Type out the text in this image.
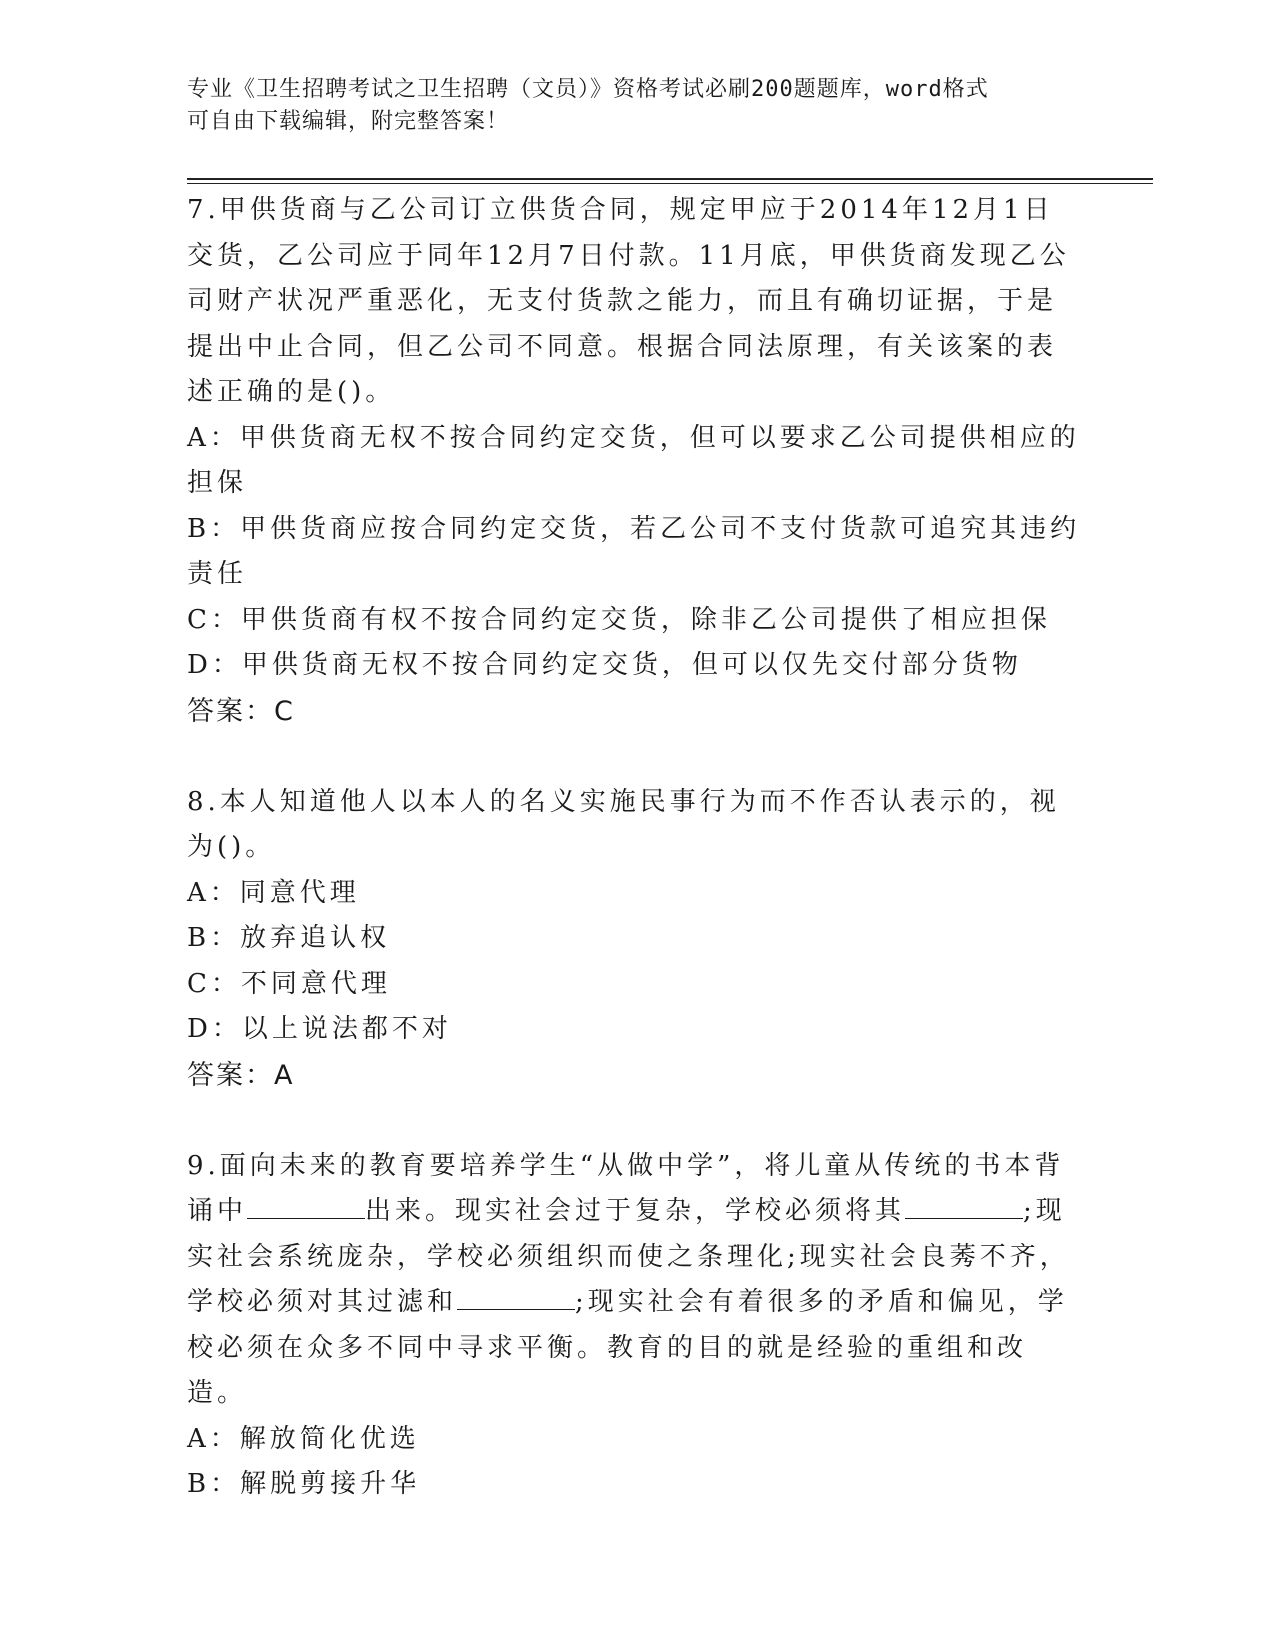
专业《卫生招聘考试之卫生招聘（文员）》资格考试必刷200题题库，word格式
可自由下载编辑，附完整答案！

7.甲供货商与乙公司订立供货合同，规定甲应于2014年12月1日交货，乙公司应于同年12月7日付款。11月底，甲供货商发现乙公司财产状况严重恶化，无支付货款之能力，而且有确切证据，于是提出中止合同，但乙公司不同意。根据合同法原理，有关该案的表述正确的是()。

A：甲供货商无权不按合同约定交货，但可以要求乙公司提供相应的担保

B：甲供货商应按合同约定交货，若乙公司不支付货款可追究其违约责任

C：甲供货商有权不按合同约定交货，除非乙公司提供了相应担保

D：甲供货商无权不按合同约定交货，但可以仅先交付部分货物

答案：C

8.本人知道他人以本人的名义实施民事行为而不作否认表示的，视为()。

A：同意代理

B：放弃追认权

C：不同意代理

D：以上说法都不对

答案：A

9.面向未来的教育要培养学生“从做中学”，将儿童从传统的书本背诵中	出来。现实社会过于复杂，学校必须将其	;现实社会系统庞杂，学校必须组织而使之条理化;现实社会良莠不齐，学校必须对其过滤和	;现实社会有着很多的矛盾和偏见，学校必须在众多不同中寻求平衡。教育的目的就是经验的重组和改造。

A：解放简化优选

B：解脱剪接升华
